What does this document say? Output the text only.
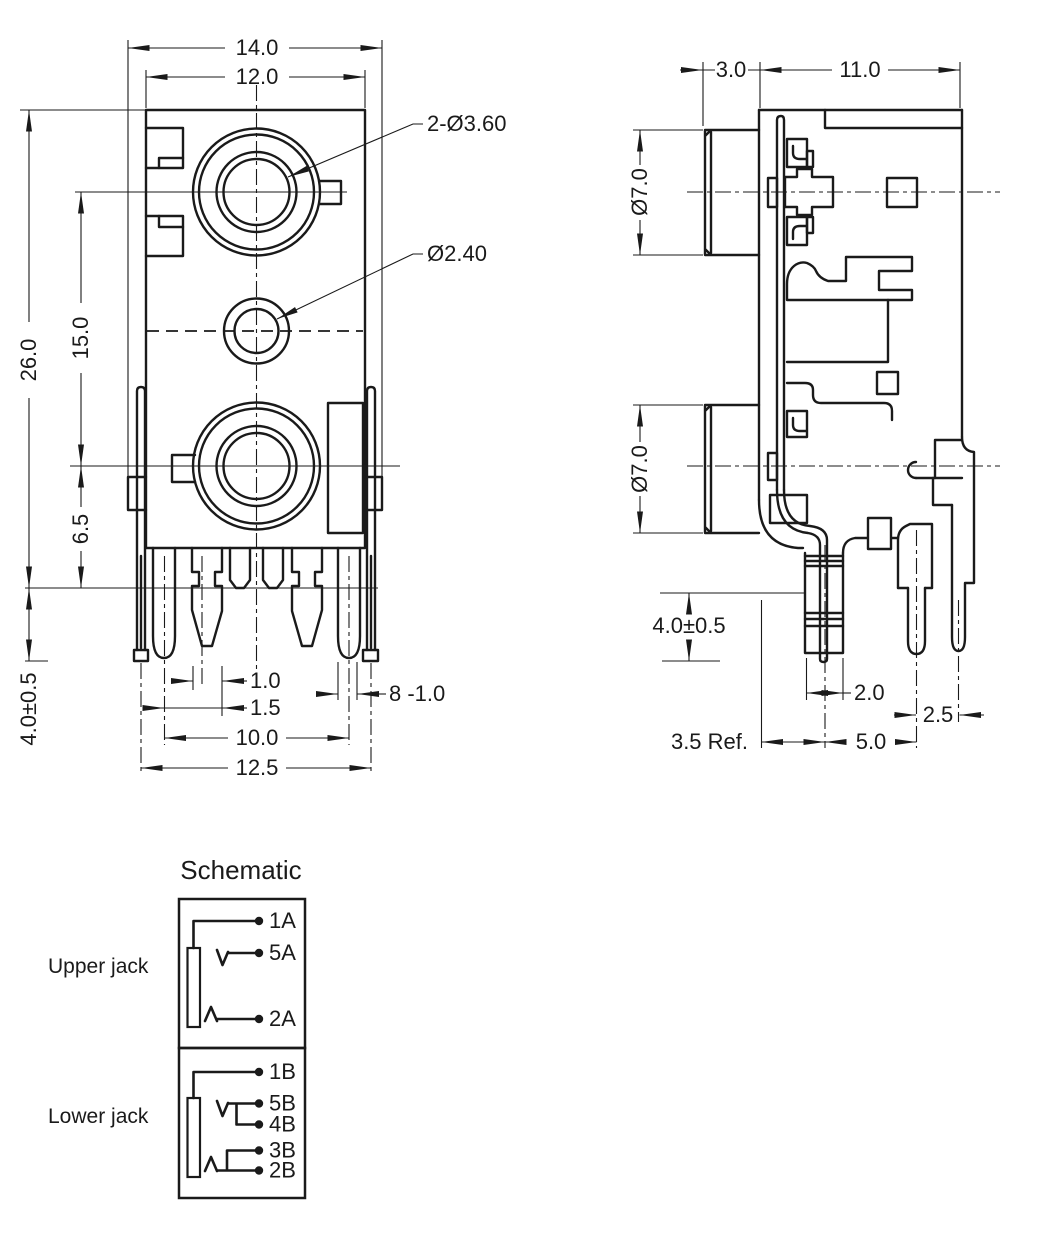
14.0
12.0
26.0
15.0
6.5
4.0±0.5	1.0
1.5
8 -1.0
10.0
12.5
2-Ø3.60
Ø2.40
3.0	11.0
Ø7.0
Ø7.0
4.0±0.5
2.0
2.5
3.5 Ref.	5.0
Schematic
Upper jack
Lower jack
1A
5A
2A
1B
5B
4B
3B
2B
